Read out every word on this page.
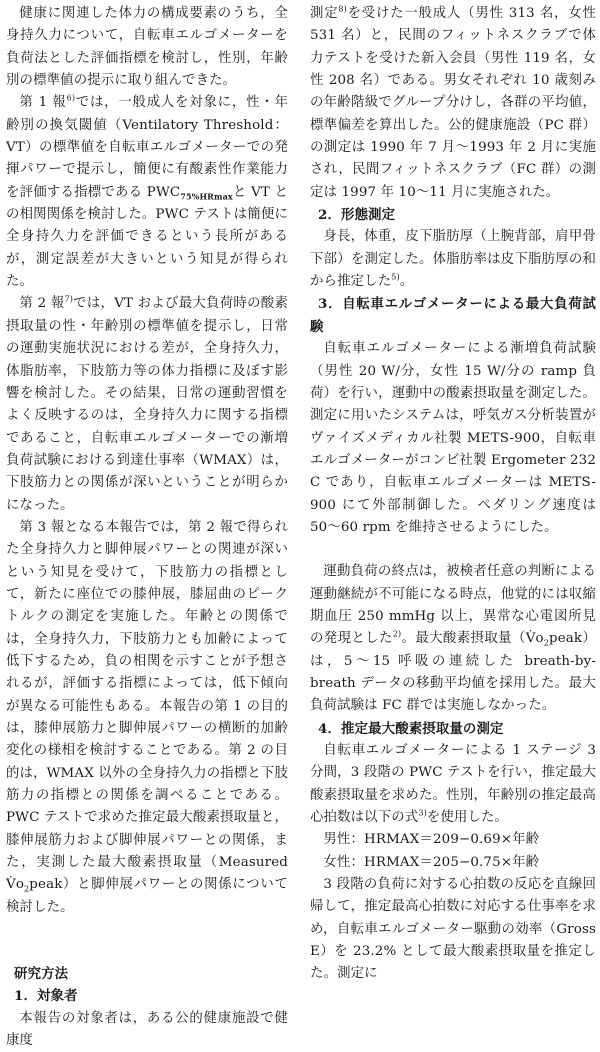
健康に関連した体力の構成要素のうち，全身持久力について，自転車エルゴメーターを負荷法とした評価指標を検討し，性別，年齢別の標準値の提示に取り組んできた。

第 1 報$^{6)}$では，一般成人を対象に，性・年齢別の換気閾値（Ventilatory Threshold：VT）の標準値を自転車エルゴメーターでの発揮パワーで提示し，簡便に有酸素性作業能力を評価する指標である $PWC_{75\%HRmax}$と VT との相関関係を検討した。PWC テストは簡便に全身持久力を評価できるという長所があるが，測定誤差が大きいという知見が得られた。

第 2 報$^{7)}$では，VT および最大負荷時の酸素摂取量の性・年齢別の標準値を提示し，日常の運動実施状況における差が，全身持久力，体脂肪率，下肢筋力等の体力指標に及ぼす影響を検討した。その結果，日常の運動習慣をよく反映するのは，全身持久力に関する指標であること，自転車エルゴメーターでの漸増負荷試験における到達仕事率（WMAX）は，下肢筋力との関係が深いということが明らかになった。

第 3 報となる本報告では，第 2 報で得られた全身持久力と脚伸展パワーとの関連が深いという知見を受けて，下肢筋力の指標として，新たに座位での膝伸展，膝屈曲のピークトルクの測定を実施した。年齢との関係では，全身持久力，下肢筋力とも加齢によって低下するため，負の相関を示すことが予想されるが，評価する指標によっては，低下傾向が異なる可能性もある。本報告の第 1 の目的は，膝伸展筋力と脚伸展パワーの横断的加齢変化の様相を検討することである。第 2 の目的は，WMAX 以外の全身持久力の指標と下肢筋力の指標との関係を調べることである。PWC テストで求めた推定最大酸素摂取量と，膝伸展筋力および脚伸展パワーとの関係，また，実測した最大酸素摂取量（Measured $V̇o_2peak$）と脚伸展パワーとの関係について検討した。

研究方法

1．対象者

本報告の対象者は，ある公的健康施設で健康度

測定$^{8)}$を受けた一般成人（男性 313 名，女性 531 名）と，民間のフィットネスクラブで体力テストを受けた新入会員（男性 119 名，女性 208 名）である。男女それぞれ 10 歳刻みの年齢階級でグループ分けし，各群の平均値，標準偏差を算出した。公的健康施設（PC 群）の測定は 1990 年 7 月〜1993 年 2 月に実施され，民間フィットネスクラブ（FC 群）の測定は 1997 年 10〜11 月に実施された。

2．形態測定

身長，体重，皮下脂肪厚（上腕背部，肩甲骨下部）を測定した。体脂肪率は皮下脂肪厚の和から推定した$^{5)}$。

3．自転車エルゴメーターによる最大負荷試験

自転車エルゴメーターによる漸増負荷試験（男性 20 W/分，女性 15 W/分の ramp 負荷）を行い，運動中の酸素摂取量を測定した。測定に用いたシステムは，呼気ガス分析装置がヴァイズメディカル社製 METS-900，自転車エルゴメーターがコンビ社製 Ergometer 232 C であり，自転車エルゴメーターは METS-900 にて外部制御した。ペダリング速度は 50〜60 rpm を維持させるようにした。

運動負荷の終点は，被検者任意の判断による運動継続が不可能になる時点，他覚的には収縮期血圧 250 mmHg 以上，異常な心電図所見の発現とした$^{2)}$。最大酸素摂取量$(V̇o_2peak)$は，5〜15 呼吸の連続した breath-by-breath データの移動平均値を採用した。最大負荷試験は FC 群では実施しなかった。

4．推定最大酸素摂取量の測定

自転車エルゴメーターによる 1 ステージ 3 分間，3 段階の PWC テストを行い，推定最大酸素摂取量を求めた。性別，年齢別の推定最高心拍数は以下の式$^{3)}$を使用した。

男性：HRMAX＝209−0.69×年齢

女性：HRMAX＝205−0.75×年齢

3 段階の負荷に対する心拍数の反応を直線回帰して，推定最高心拍数に対応する仕事率を求め，自転車エルゴメーター駆動の効率（Gross E）を 23.2% として最大酸素摂取量を推定した。測定に
